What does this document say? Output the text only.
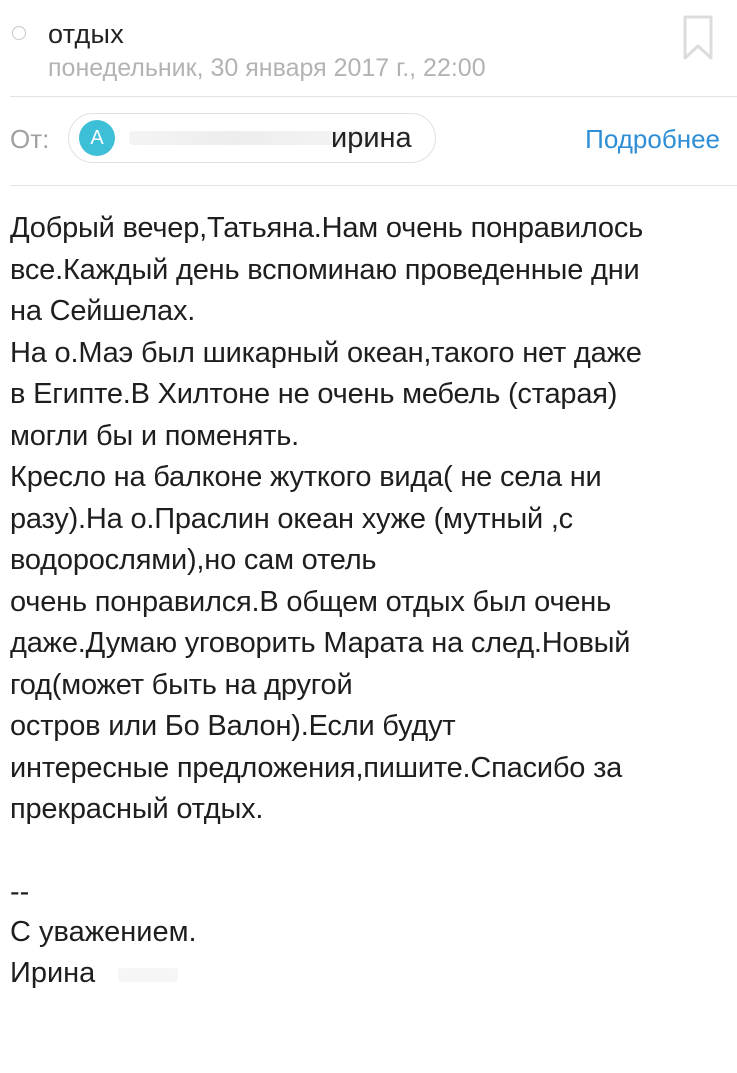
отдых
понедельник, 30 января 2017 г., 22:00
От:	А	ирина	Подробнее
Добрый вечер,Татьяна.Нам очень понравилось
все.Каждый день вспоминаю проведенные дни
на Сейшелах.
На о.Маэ был шикарный океан,такого нет даже
в Египте.В Хилтоне не очень мебель (старая)
могли бы и поменять.
Кресло на балконе жуткого вида( не села ни
разу).На о.Праслин океан хуже (мутный ,с
водорослями),но сам отель
очень понравился.В общем отдых был очень
даже.Думаю уговорить Марата на след.Новый
год(может быть на другой
остров или Бо Валон).Если будут
интересные предложения,пишите.Спасибо за
прекрасный отдых.
--
С уважением.
Ирина
